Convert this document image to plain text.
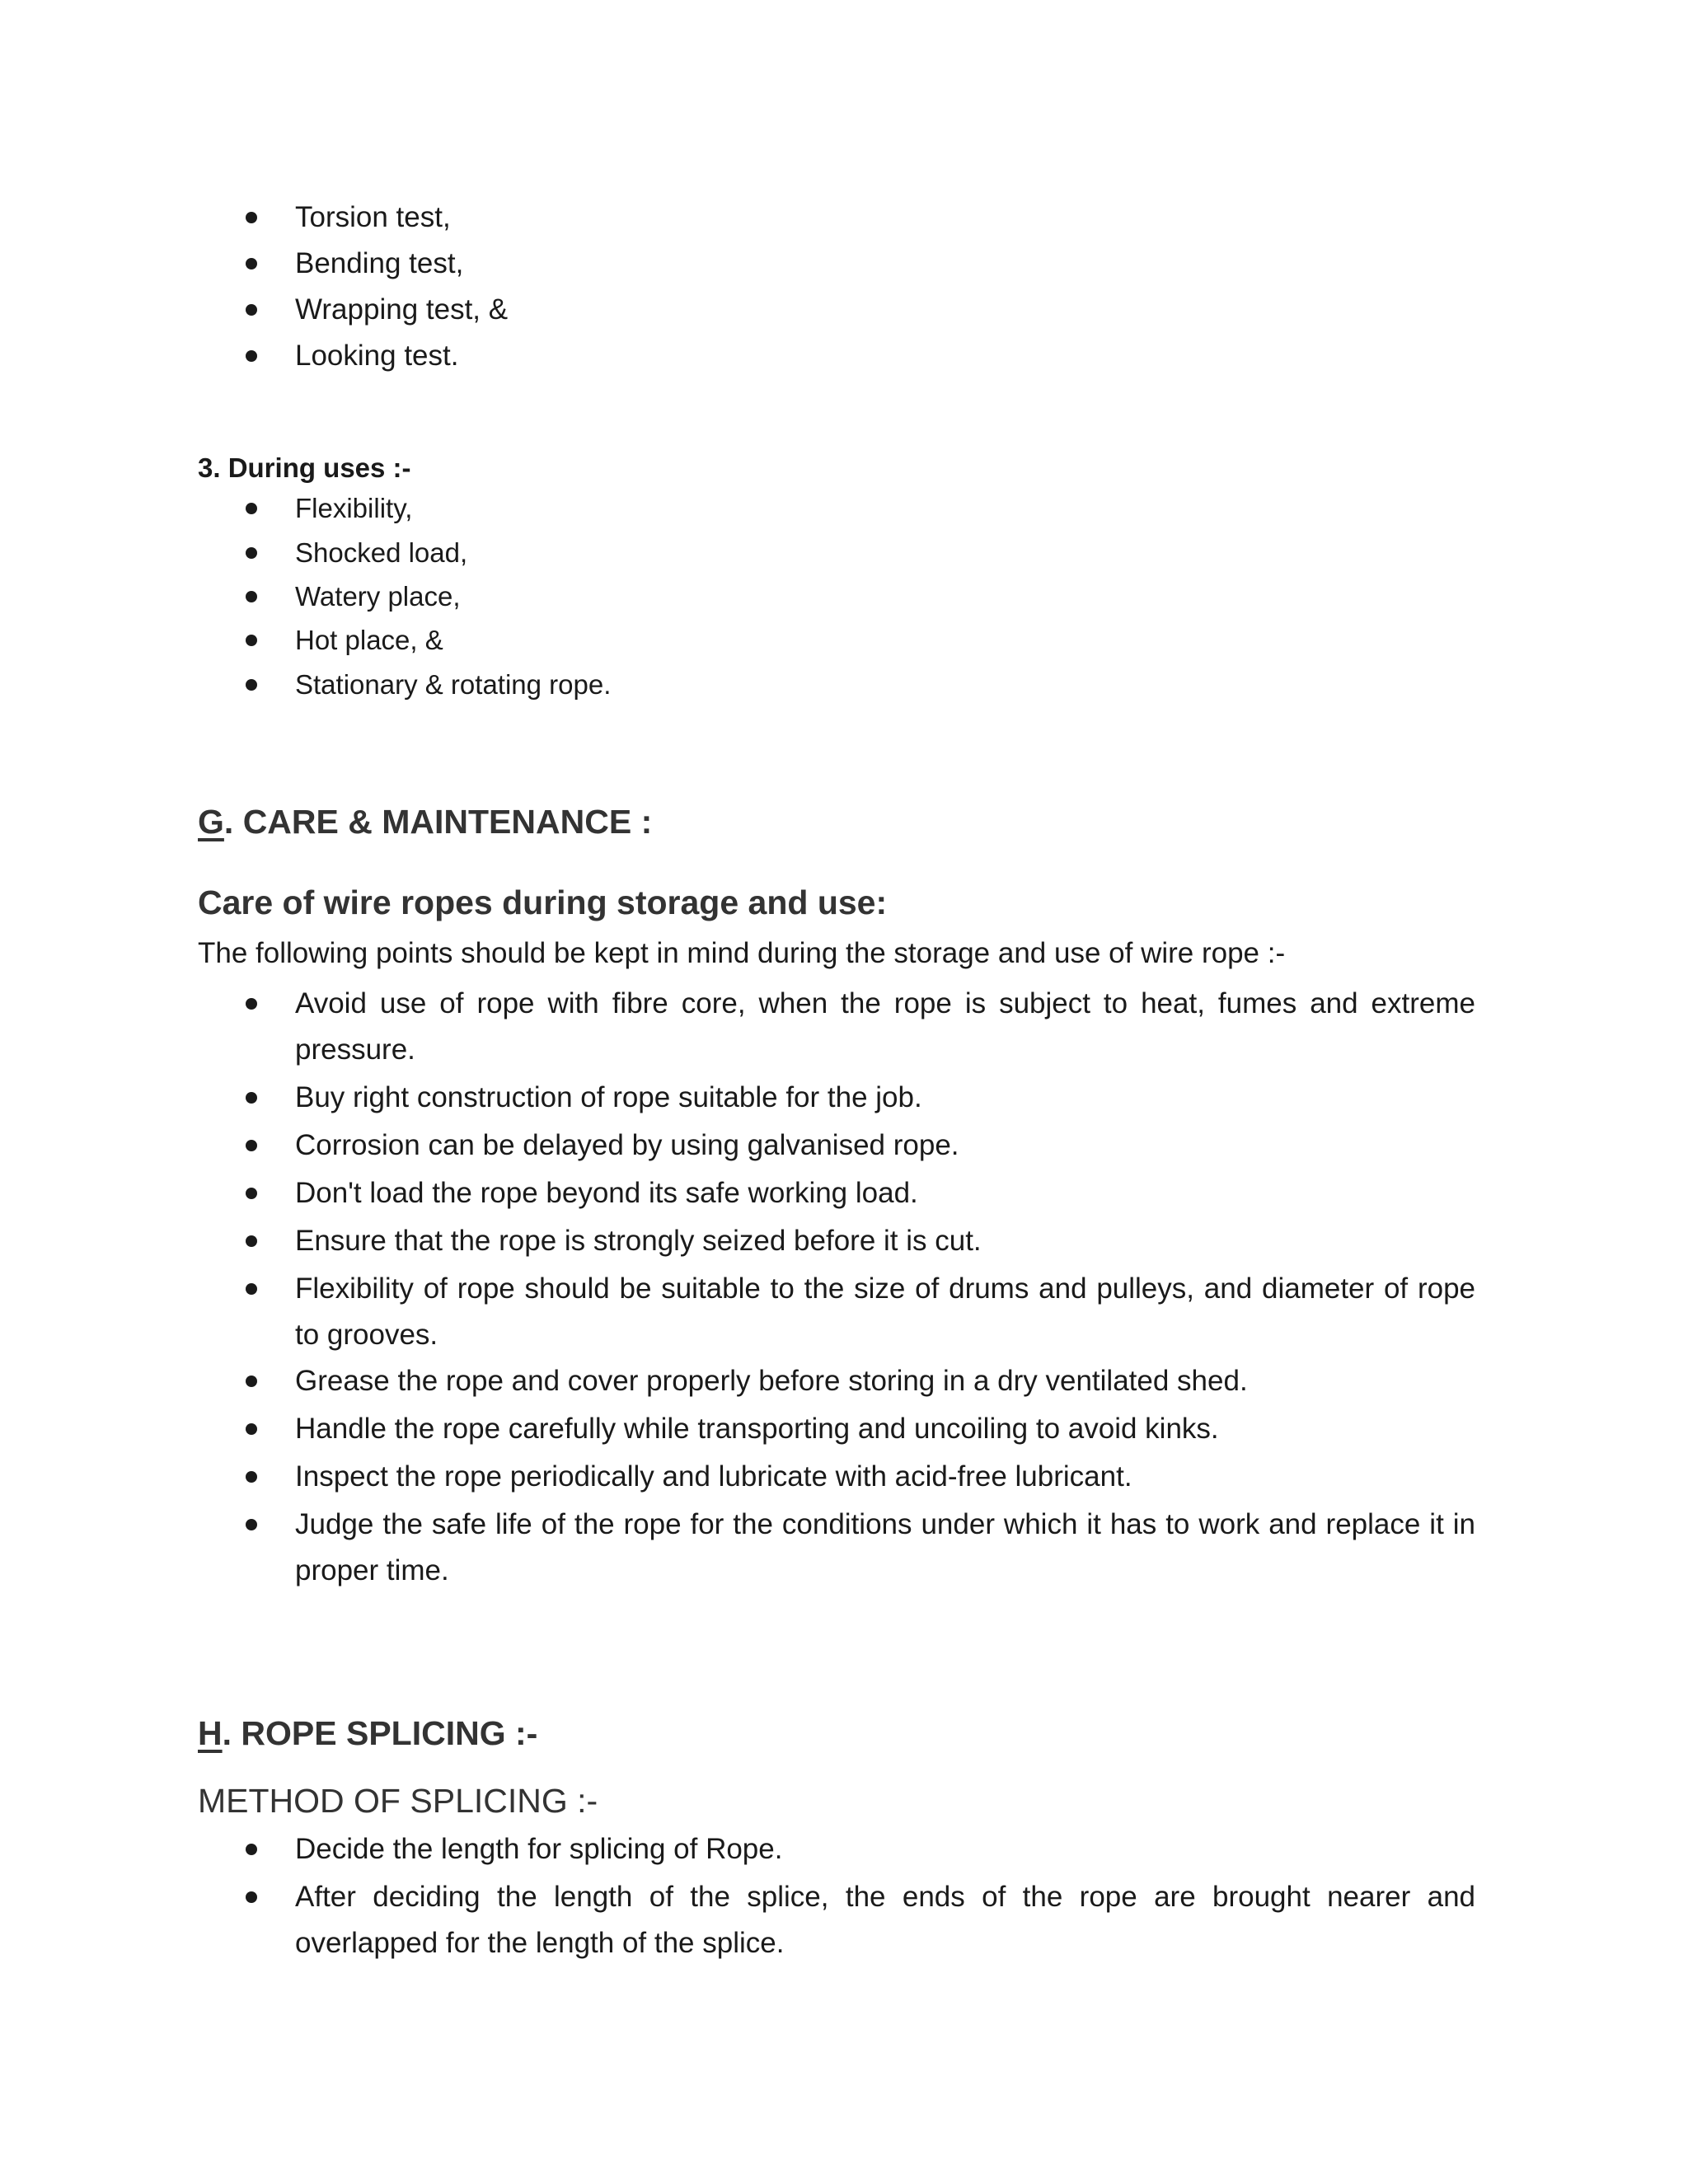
Torsion test,
Bending test,
Wrapping test, &
Looking test.
3. During uses :-
Flexibility,
Shocked load,
Watery place,
Hot place, &
Stationary & rotating rope.
G. CARE & MAINTENANCE :
Care of wire ropes during storage and use:
The following points should be kept in mind during the storage and use of wire rope :-
Avoid use of rope with fibre core, when the rope is subject to heat, fumes and extreme pressure.
Buy right construction of rope suitable for the job.
Corrosion can be delayed by using galvanised rope.
Don't load the rope beyond its safe working load.
Ensure that the rope is strongly seized before it is cut.
Flexibility of rope should be suitable to the size of drums and pulleys, and diameter of rope to grooves.
Grease the rope and cover properly before storing in a dry ventilated shed.
Handle the rope carefully while transporting and uncoiling to avoid kinks.
Inspect the rope periodically and lubricate with acid-free lubricant.
Judge the safe life of the rope for the conditions under which it has to work and replace it in proper time.
H. ROPE SPLICING :-
METHOD OF SPLICING :-
Decide the length for splicing of Rope.
After deciding the length of the splice, the ends of the rope are brought nearer and overlapped for the length of the splice.
